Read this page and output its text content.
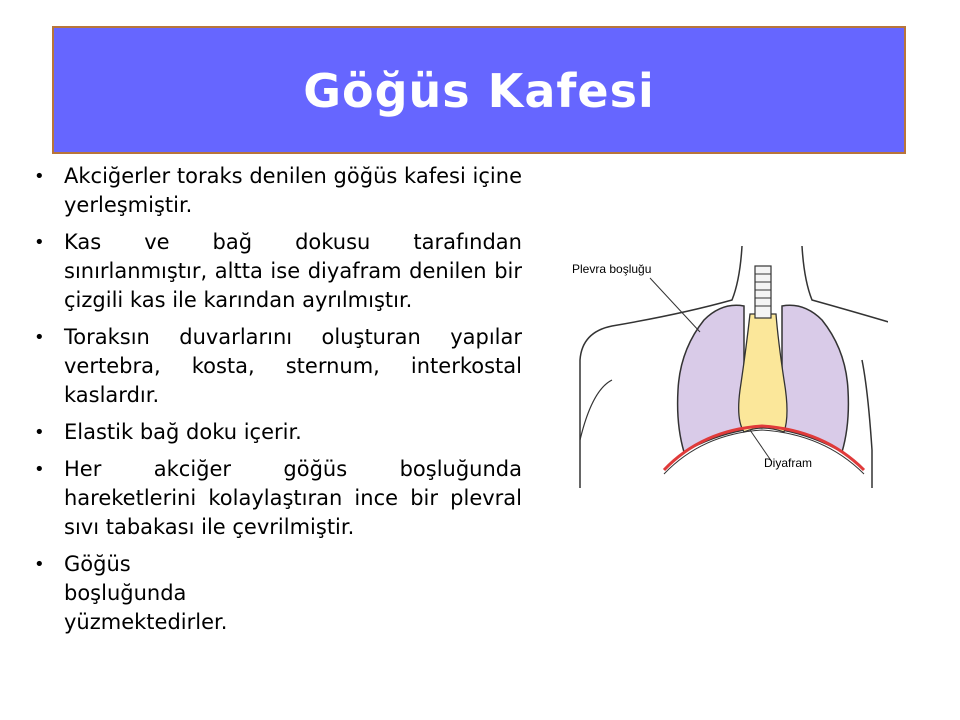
Göğüs Kafesi
• Akciğerler toraks denilen göğüs kafesi içine yerleşmiştir.
• Kas ve bağ dokusu tarafından sınırlanmıştır, altta ise diyafram denilen bir çizgili kas ile karından ayrılmıştır.
• Toraksın duvarlarını oluşturan yapılar vertebra, kosta, sternum, interkostal kaslardır.
• Elastik bağ doku içerir.
• Her akciğer göğüs boşluğunda hareketlerini kolaylaştıran ince bir plevral sıvı tabakası ile çevrilmiştir.
• Göğüs boşluğunda yüzmektedirler.
Plevra boşluğu
Diyafram
